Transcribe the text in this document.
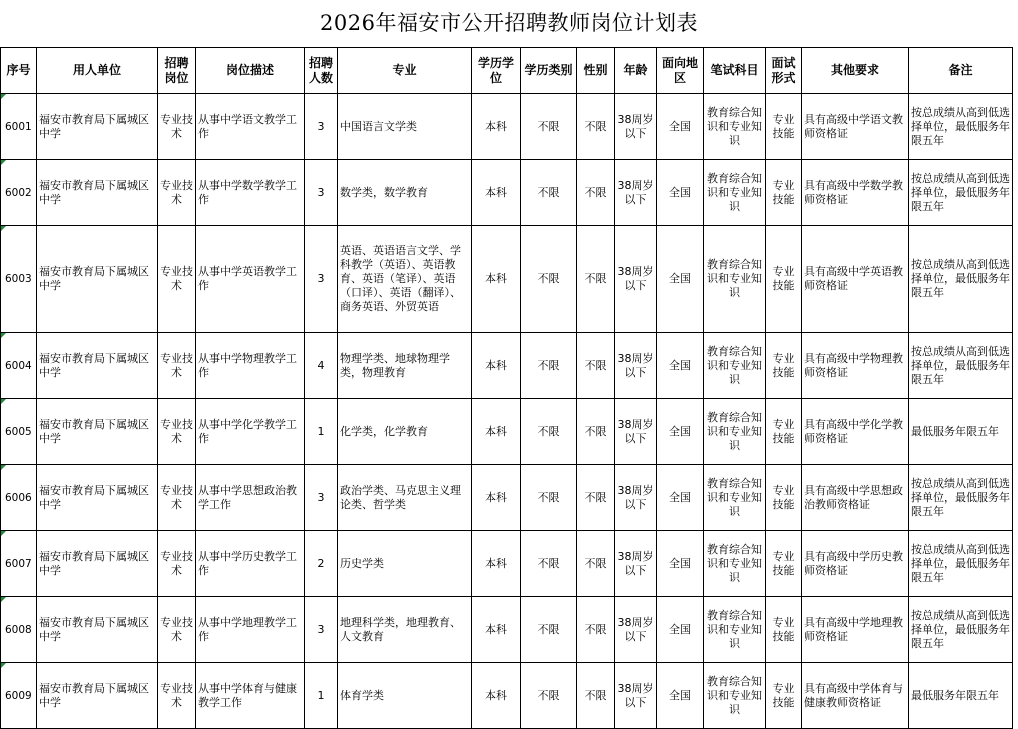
2026年福安市公开招聘教师岗位计划表
序号	用人单位	招聘岗位	岗位描述	招聘人数	专业	学历学位	学历类别	性别	年龄	面向地区	笔试科目	面试形式	其他要求	备注

6001	福安市教育局下属城区中学	专业技术	从事中学语文教学工作	3	中国语言文学类	本科	不限	不限	38周岁以下	全国	教育综合知识和专业知识	专业技能	具有高级中学语文教师资格证	按总成绩从高到低选择单位，最低服务年限五年

6002	福安市教育局下属城区中学	专业技术	从事中学数学教学工作	3	数学类，数学教育	本科	不限	不限	38周岁以下	全国	教育综合知识和专业知识	专业技能	具有高级中学数学教师资格证	按总成绩从高到低选择单位，最低服务年限五年

6003	福安市教育局下属城区中学	专业技术	从事中学英语教学工作	3	英语、英语语言文学、学科教学（英语）、英语教育、英语（笔译）、英语（口译）、英语（翻译）、商务英语、外贸英语	本科	不限	不限	38周岁以下	全国	教育综合知识和专业知识	专业技能	具有高级中学英语教师资格证	按总成绩从高到低选择单位，最低服务年限五年

6004	福安市教育局下属城区中学	专业技术	从事中学物理教学工作	4	物理学类、地球物理学类，物理教育	本科	不限	不限	38周岁以下	全国	教育综合知识和专业知识	专业技能	具有高级中学物理教师资格证	按总成绩从高到低选择单位，最低服务年限五年

6005	福安市教育局下属城区中学	专业技术	从事中学化学教学工作	1	化学类，化学教育	本科	不限	不限	38周岁以下	全国	教育综合知识和专业知识	专业技能	具有高级中学化学教师资格证	最低服务年限五年

6006	福安市教育局下属城区中学	专业技术	从事中学思想政治教学工作	3	政治学类、马克思主义理论类、哲学类	本科	不限	不限	38周岁以下	全国	教育综合知识和专业知识	专业技能	具有高级中学思想政治教师资格证	按总成绩从高到低选择单位，最低服务年限五年

6007	福安市教育局下属城区中学	专业技术	从事中学历史教学工作	2	历史学类	本科	不限	不限	38周岁以下	全国	教育综合知识和专业知识	专业技能	具有高级中学历史教师资格证	按总成绩从高到低选择单位，最低服务年限五年

6008	福安市教育局下属城区中学	专业技术	从事中学地理教学工作	3	地理科学类，地理教育、人文教育	本科	不限	不限	38周岁以下	全国	教育综合知识和专业知识	专业技能	具有高级中学地理教师资格证	按总成绩从高到低选择单位，最低服务年限五年

6009	福安市教育局下属城区中学	专业技术	从事中学体育与健康教学工作	1	体育学类	本科	不限	不限	38周岁以下	全国	教育综合知识和专业知识	专业技能	具有高级中学体育与健康教师资格证	最低服务年限五年
